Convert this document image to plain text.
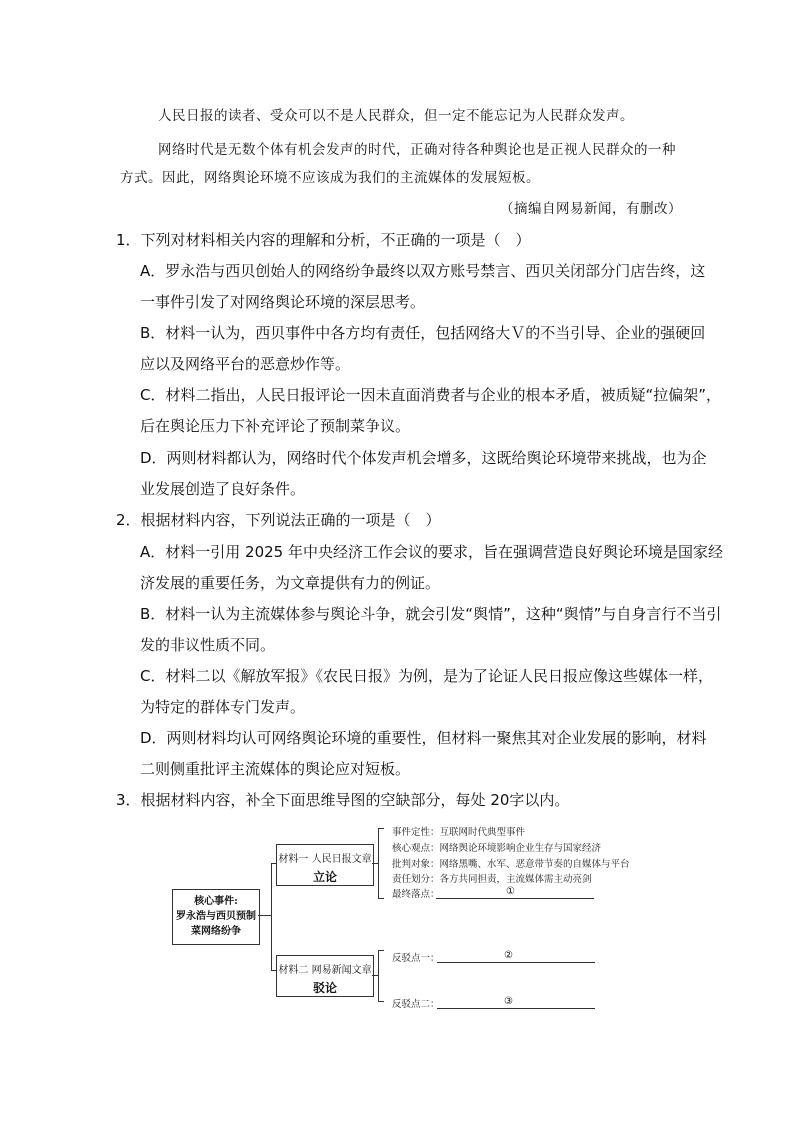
人民日报的读者、受众可以不是人民群众，但一定不能忘记为人民群众发声。
网络时代是无数个体有机会发声的时代，正确对待各种舆论也是正视人民群众的一种
方式。因此，网络舆论环境不应该成为我们的主流媒体的发展短板。
（摘编自网易新闻，有删改）
1．下列对材料相关内容的理解和分析，不正确的一项是（　）
A．罗永浩与西贝创始人的网络纷争最终以双方账号禁言、西贝关闭部分门店告终，这
一事件引发了对网络舆论环境的深层思考。
B．材料一认为，西贝事件中各方均有责任，包括网络大Ｖ的不当引导、企业的强硬回
应以及网络平台的恶意炒作等。
C．材料二指出，人民日报评论一因未直面消费者与企业的根本矛盾，被质疑“拉偏架”，
后在舆论压力下补充评论了预制菜争议。
D．两则材料都认为，网络时代个体发声机会增多，这既给舆论环境带来挑战，也为企
业发展创造了良好条件。
2．根据材料内容，下列说法正确的一项是（　）
A．材料一引用 2025 年中央经济工作会议的要求，旨在强调营造良好舆论环境是国家经
济发展的重要任务，为文章提供有力的例证。
B．材料一认为主流媒体参与舆论斗争，就会引发“舆情”，这种“舆情”与自身言行不当引
发的非议性质不同。
C．材料二以《解放军报》《农民日报》为例，是为了论证人民日报应像这些媒体一样，
为特定的群体专门发声。
D．两则材料均认可网络舆论环境的重要性，但材料一聚焦其对企业发展的影响，材料
二则侧重批评主流媒体的舆论应对短板。
3．根据材料内容，补全下面思维导图的空缺部分，每处 20字以内。
核心事件:
罗永浩与西贝预制
菜网络纷争
材料一 人民日报文章
立论
事件定性：互联网时代典型事件
核心观点：网络舆论环境影响企业生存与国家经济
批判对象：网络黑嘴、水军、恶意带节奏的自媒体与平台
责任划分：各方共同担责，主流媒体需主动亮剑
最终落点：	①
材料二 网易新闻文章
驳论
反驳点一：	②
反驳点二：	③
